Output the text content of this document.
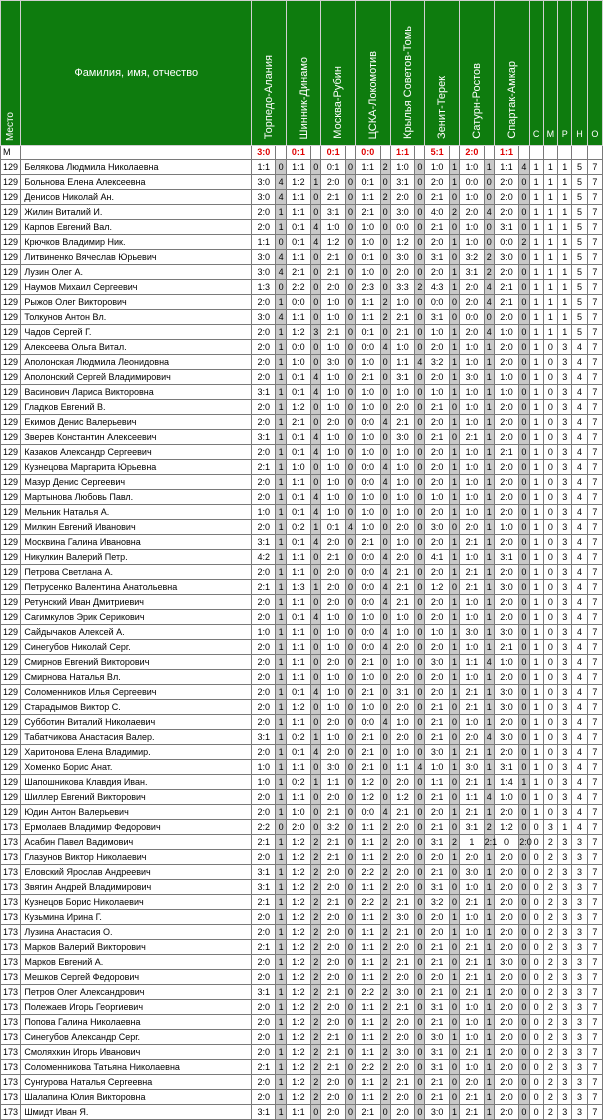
Место	Фамилия, имя, отчество	Торпедо-Алания		Шинник-Динамо		Москва-Рубин		ЦСКА-Локомотив		Крылья Советов-Томь		Зенит-Терек		Сатурн-Ростов		Спартак-Амкар		С	М	Р	Н	О
М		3:0		0:1		0:1		0:0		1:1		5:1		2:0		1:1						
129	Белякова Людмила Николаевна	1:1	0	1:1	0	0:1	0	1:1	2	1:0	0	1:0	1	1:0	1	1:1	4	1	1	1	5	7
129	Больнова Елена Алексеевна	3:0	4	1:2	1	2:0	0	0:1	0	3:1	0	2:0	1	0:0	0	2:0	0	1	1	1	5	7
129	Денисов Николай Ан.	3:0	4	1:1	0	2:1	0	1:1	2	2:0	0	2:1	0	1:0	0	2:0	0	1	1	1	5	7
129	Жилин Виталий И.	2:0	1	1:1	0	3:1	0	2:1	0	3:0	0	4:0	2	2:0	4	2:0	0	1	1	1	5	7
129	Карпов Евгений Вал.	2:0	1	0:1	4	1:0	0	1:0	0	0:0	0	2:1	0	1:0	0	3:1	0	1	1	1	5	7
129	Крючков Владимир Ник.	1:1	0	0:1	4	1:2	0	1:0	0	1:2	0	2:0	1	1:0	0	0:0	2	1	1	1	5	7
129	Литвиненко Вячеслав Юрьевич	3:0	4	1:1	0	2:1	0	0:1	0	3:0	0	3:1	0	3:2	2	3:0	0	1	1	1	5	7
129	Лузин Олег А.	3:0	4	2:1	0	2:1	0	1:0	0	2:0	0	2:0	1	3:1	2	2:0	0	1	1	1	5	7
129	Наумов Михаил Сергеевич	1:3	0	2:2	0	2:0	0	2:3	0	3:3	2	4:3	1	2:0	4	2:1	0	1	1	1	5	7
129	Рыжов Олег Викторович	2:0	1	0:0	0	1:0	0	1:1	2	1:0	0	0:0	0	2:0	4	2:1	0	1	1	1	5	7
129	Толкунов Антон Вл.	3:0	4	1:1	0	1:0	0	1:1	2	2:1	0	3:1	0	0:0	0	2:0	0	1	1	1	5	7
129	Чадов Сергей Г.	2:0	1	1:2	3	2:1	0	0:1	0	2:1	0	1:0	1	2:0	4	1:0	0	1	1	1	5	7
129	Алексеева Ольга Витал.	2:0	1	0:0	0	1:0	0	0:0	4	1:0	0	2:0	1	1:0	1	2:0	0	1	0	3	4	7
129	Аполонская Людмила Леонидовна	2:0	1	1:0	0	3:0	0	1:0	0	1:1	4	3:2	1	1:0	1	2:0	0	1	0	3	4	7
129	Аполонский Сергей Владимирович	2:0	1	0:1	4	1:0	0	2:1	0	3:1	0	2:0	1	3:0	1	1:0	0	1	0	3	4	7
129	Васинович Лариса Викторовна	3:1	1	0:1	4	1:0	0	1:0	0	1:0	0	1:0	1	1:0	1	1:0	0	1	0	3	4	7
129	Гладков Евгений В.	2:0	1	1:2	0	1:0	0	1:0	0	2:0	0	2:1	0	1:0	1	2:0	0	1	0	3	4	7
129	Екимов Денис Валерьевич	2:0	1	2:1	0	2:0	0	0:0	4	2:1	0	2:0	1	1:0	1	2:0	0	1	0	3	4	7
129	Зверев Константин Алексеевич	3:1	1	0:1	4	1:0	0	1:0	0	3:0	0	2:1	0	2:1	1	2:0	0	1	0	3	4	7
129	Казаков Александр Сергеевич	2:0	1	0:1	4	1:0	0	1:0	0	1:0	0	2:0	1	1:0	1	2:1	0	1	0	3	4	7
129	Кузнецова Маргарита Юрьевна	2:1	1	1:0	0	1:0	0	0:0	4	1:0	0	2:0	1	1:0	1	2:0	0	1	0	3	4	7
129	Мазур Денис Сергеевич	2:0	1	1:1	0	1:0	0	0:0	4	1:0	0	2:0	1	1:0	1	2:0	0	1	0	3	4	7
129	Мартынова Любовь Павл.	2:0	1	0:1	4	1:0	0	1:0	0	1:0	0	1:0	1	1:0	1	2:0	0	1	0	3	4	7
129	Мельник Наталья А.	1:0	1	0:1	4	1:0	0	1:0	0	1:0	0	2:0	1	1:0	1	2:0	0	1	0	3	4	7
129	Милкин Евгений Иванович	2:0	1	0:2	1	0:1	4	1:0	0	2:0	0	3:0	0	2:0	1	1:0	0	1	0	3	4	7
129	Москвина Галина Ивановна	3:1	1	0:1	4	2:0	0	2:1	0	1:0	0	2:0	1	2:1	1	2:0	0	1	0	3	4	7
129	Никулкин Валерий Петр.	4:2	1	1:1	0	2:1	0	0:0	4	2:0	0	4:1	1	1:0	1	3:1	0	1	0	3	4	7
129	Петрова Светлана А.	2:0	1	1:1	0	2:0	0	0:0	4	2:1	0	2:0	1	2:1	1	2:0	0	1	0	3	4	7
129	Петрусенко Валентина Анатольевна	2:1	1	1:3	1	2:0	0	0:0	4	2:1	0	1:2	0	2:1	1	3:0	0	1	0	3	4	7
129	Ретунский Иван Дмитриевич	2:0	1	1:1	0	2:0	0	0:0	4	2:1	0	2:0	1	1:0	1	2:0	0	1	0	3	4	7
129	Сагимкулов Эрик Серикович	2:0	1	0:1	4	1:0	0	1:0	0	1:0	0	2:0	1	1:0	1	2:0	0	1	0	3	4	7
129	Сайдычаков Алексей А.	1:0	1	1:1	0	1:0	0	0:0	4	1:0	0	1:0	1	3:0	1	3:0	0	1	0	3	4	7
129	Синегубов Николай Серг.	2:0	1	1:1	0	1:0	0	0:0	4	2:0	0	2:0	1	1:0	1	2:1	0	1	0	3	4	7
129	Смирнов Евгений Викторович	2:0	1	1:1	0	2:0	0	2:1	0	1:0	0	3:0	1	1:1	4	1:0	0	1	0	3	4	7
129	Смирнова Наталья Вл.	2:0	1	1:1	0	1:0	0	1:0	0	2:0	0	2:0	1	1:0	1	2:0	0	1	0	3	4	7
129	Соломенников Илья Сергеевич	2:0	1	0:1	4	1:0	0	2:1	0	3:1	0	2:0	1	2:1	1	3:0	0	1	0	3	4	7
129	Старадымов Виктор С.	2:0	1	1:2	0	1:0	0	1:0	0	2:0	0	2:1	0	2:1	1	3:0	0	1	0	3	4	7
129	Субботин Виталий Николаевич	2:0	1	1:1	0	2:0	0	0:0	4	1:0	0	2:1	0	1:0	1	2:0	0	1	0	3	4	7
129	Табатчикова Анастасия Валер.	3:1	1	0:2	1	1:0	0	2:1	0	2:0	0	2:1	0	2:0	4	3:0	0	1	0	3	4	7
129	Харитонова Елена Владимир.	2:0	1	0:1	4	2:0	0	2:1	0	1:0	0	3:0	1	2:1	1	2:0	0	1	0	3	4	7
129	Хоменко Борис Анат.	1:0	1	1:1	0	3:0	0	2:1	0	1:1	4	1:0	1	3:0	1	3:1	0	1	0	3	4	7
129	Шапошникова Клавдия Иван.	1:0	1	0:2	1	1:1	0	1:2	0	2:0	0	1:1	0	2:1	1	1:4	1	1	0	3	4	7
129	Шиллер Евгений Викторович	2:0	1	1:1	0	2:0	0	1:2	0	1:2	0	2:1	0	1:1	4	1:0	0	1	0	3	4	7
129	Юдин Антон Валерьевич	2:0	1	1:0	0	2:1	0	0:0	4	2:1	0	2:0	1	2:1	1	2:0	0	1	0	3	4	7
173	Ермолаев Владимир Федорович	2:2	0	2:0	0	3:2	0	1:1	2	2:0	0	2:1	0	3:1	2	1:2	0	0	3	1	4	7
173	Асабин Павел Вадимович	2:1	1	1:2	2	2:1	0	1:1	2	2:0	0	3:1	2	1	2:1	0	2:0	0	2	3	3	7
173	Глазунов Виктор Николаевич	2:0	1	1:2	2	2:1	0	1:1	2	2:0	0	2:0	1	2:0	1	2:0	0	0	2	3	3	7
173	Еловский Ярослав Андреевич	3:1	1	1:2	2	2:0	0	2:2	2	2:0	0	2:1	0	3:0	1	2:0	0	0	2	3	3	7
173	Звягин Андрей Владимирович	3:1	1	1:2	2	2:0	0	1:1	2	2:0	0	3:1	0	1:0	1	2:0	0	0	2	3	3	7
173	Кузнецов Борис Николаевич	2:1	1	1:2	2	2:1	0	2:2	2	2:1	0	3:2	0	2:1	1	2:0	0	0	2	3	3	7
173	Кузьмина Ирина Г.	2:0	1	1:2	2	2:0	0	1:1	2	3:0	0	2:0	1	1:0	1	2:0	0	0	2	3	3	7
173	Лузина Анастасия О.	2:0	1	1:2	2	2:0	0	1:1	2	2:1	0	2:0	1	1:0	1	2:0	0	0	2	3	3	7
173	Марков Валерий Викторович	2:1	1	1:2	2	2:0	0	1:1	2	2:0	0	2:1	0	2:1	1	2:0	0	0	2	3	3	7
173	Марков Евгений А.	2:0	1	1:2	2	2:0	0	1:1	2	2:1	0	2:1	0	2:1	1	3:0	0	0	2	3	3	7
173	Мешков Сергей Федорович	2:0	1	1:2	2	2:0	0	1:1	2	2:0	0	2:0	1	2:1	1	2:0	0	0	2	3	3	7
173	Петров Олег Александрович	3:1	1	1:2	2	2:1	0	2:2	2	3:0	0	2:1	0	2:1	1	2:0	0	0	2	3	3	7
173	Полежаев Игорь Георгиевич	2:0	1	1:2	2	2:0	0	1:1	2	2:1	0	3:1	0	1:0	1	2:0	0	0	2	3	3	7
173	Попова Галина Николаевна	2:0	1	1:2	2	2:0	0	1:1	2	2:0	0	2:1	0	1:0	1	2:0	0	0	2	3	3	7
173	Синегубов Александр Серг.	2:0	1	1:2	2	2:1	0	1:1	2	2:0	0	3:0	1	1:0	1	2:0	0	0	2	3	3	7
173	Смоляхкин Игорь Иванович	2:0	1	1:2	2	2:1	0	1:1	2	3:0	0	3:1	0	2:1	1	2:0	0	0	2	3	3	7
173	Соломенникова Татьяна Николаевна	2:1	1	1:2	2	2:1	0	2:2	2	2:0	0	3:1	0	1:0	1	2:0	0	0	2	3	3	7
173	Сунгурова Наталья Сергеевна	2:0	1	1:2	2	2:0	0	1:1	2	2:1	0	2:1	0	2:0	1	2:0	0	0	2	3	3	7
173	Шалапина Юлия Викторовна	2:0	1	1:2	2	2:0	0	1:1	2	2:0	0	2:1	0	2:1	1	2:0	0	0	2	3	3	7
173	Шмидт Иван Я.	3:1	1	1:1	0	2:0	0	2:1	0	2:0	0	3:0	1	2:1	1	2:0	0	0	2	3	3	7
